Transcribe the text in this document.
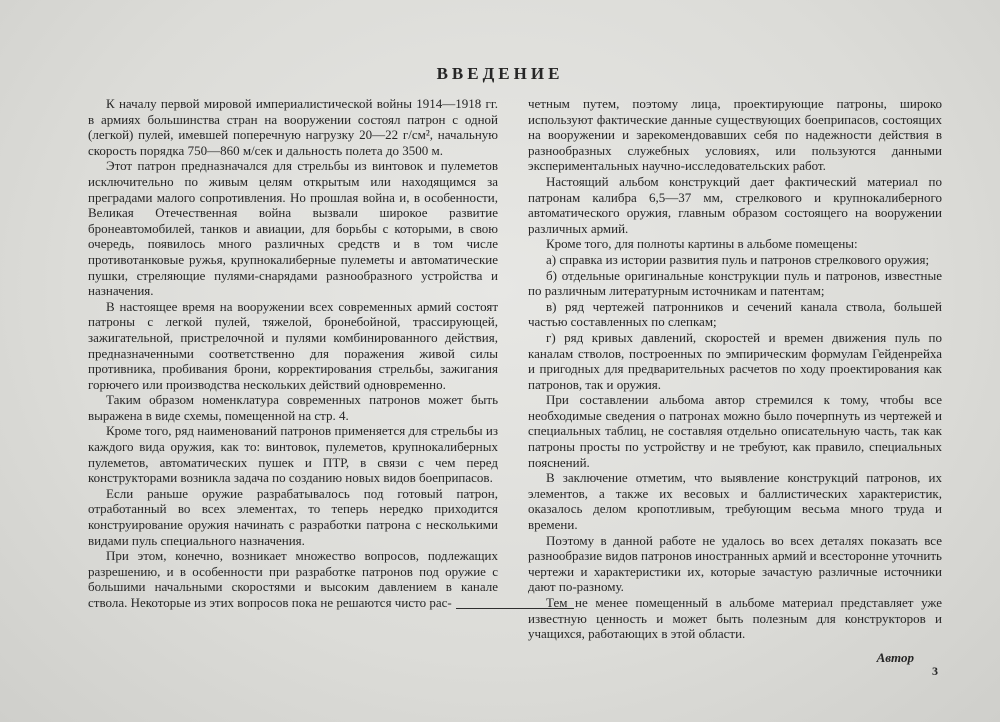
ВВЕДЕНИЕ

К началу первой мировой империалистической войны 1914—1918 гг. в армиях большинства стран на вооружении состоял патрон с одной (легкой) пулей, имевшей поперечную нагрузку 20—22 г/см², начальную скорость порядка 750—860 м/сек и дальность полета до 3500 м.

Этот патрон предназначался для стрельбы из винтовок и пулеметов исключительно по живым целям открытым или находящимся за преградами малого сопротивления. Но прошлая война и, в особенности, Великая Отечественная война вызвали широкое развитие бронеавтомобилей, танков и авиации, для борьбы с которыми, в свою очередь, появилось много различных средств и в том числе противотанковые ружья, крупнокалиберные пулеметы и автоматические пушки, стреляющие пулями-снарядами разнообразного устройства и назначения.

В настоящее время на вооружении всех современных армий состоят патроны с легкой пулей, тяжелой, бронебойной, трассирующей, зажигательной, пристрелочной и пулями комбинированного действия, предназначенными соответственно для поражения живой силы противника, пробивания брони, корректирования стрельбы, зажигания горючего или производства нескольких действий одновременно.

Таким образом номенклатура современных патронов может быть выражена в виде схемы, помещенной на стр. 4.

Кроме того, ряд наименований патронов применяется для стрельбы из каждого вида оружия, как то: винтовок, пулеметов, крупнокалиберных пулеметов, автоматических пушек и ПТР, в связи с чем перед конструкторами возникла задача по созданию новых видов боеприпасов.

Если раньше оружие разрабатывалось под готовый патрон, отработанный во всех элементах, то теперь нередко приходится конструирование оружия начинать с разработки патрона с несколькими видами пуль специального назначения.

При этом, конечно, возникает множество вопросов, подлежащих разрешению, и в особенности при разработке патронов под оружие с большими начальными скоростями и высоким давлением в канале ствола. Некоторые из этих вопросов пока не решаются чисто рас-

четным путем, поэтому лица, проектирующие патроны, широко используют фактические данные существующих боеприпасов, состоящих на вооружении и зарекомендовавших себя по надежности действия в разнообразных служебных условиях, или пользуются данными экспериментальных научно-исследовательских работ.

Настоящий альбом конструкций дает фактический материал по патронам калибра 6,5—37 мм, стрелкового и крупнокалиберного автоматического оружия, главным образом состоящего на вооружении различных армий.

Кроме того, для полноты картины в альбоме помещены:

а) справка из истории развития пуль и патронов стрелкового оружия;

б) отдельные оригинальные конструкции пуль и патронов, известные по различным литературным источникам и патентам;

в) ряд чертежей патронников и сечений канала ствола, большей частью составленных по слепкам;

г) ряд кривых давлений, скоростей и времен движения пуль по каналам стволов, построенных по эмпирическим формулам Гейденрейха и пригодных для предварительных расчетов по ходу проектирования как патронов, так и оружия.

При составлении альбома автор стремился к тому, чтобы все необходимые сведения о патронах можно было почерпнуть из чертежей и специальных таблиц, не составляя отдельно описательную часть, так как патроны просты по устройству и не требуют, как правило, специальных пояснений.

В заключение отметим, что выявление конструкций патронов, их элементов, а также их весовых и баллистических характеристик, оказалось делом кропотливым, требующим весьма много труда и времени.

Поэтому в данной работе не удалось во всех деталях показать все разнообразие видов патронов иностранных армий и всесторонне уточнить чертежи и характеристики их, которые зачастую различные источники дают по-разному.

Тем не менее помещенный в альбоме материал представляет уже известную ценность и может быть полезным для конструкторов и учащихся, работающих в этой области.

Автор
3
